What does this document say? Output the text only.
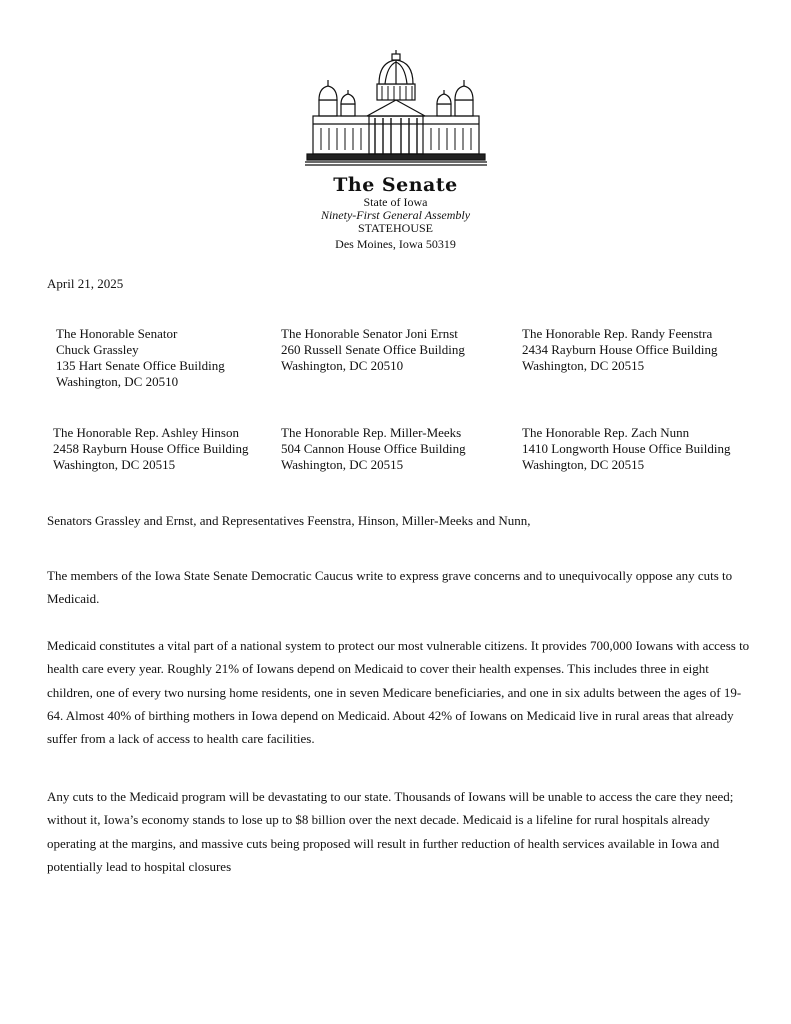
The Senate
State of Iowa
Ninety-First General Assembly
STATEHOUSE
Des Moines, Iowa 50319
April 21, 2025
The Honorable Senator
Chuck Grassley
135 Hart Senate Office Building
Washington, DC 20510
The Honorable Senator Joni Ernst
260 Russell Senate Office Building
Washington, DC 20510
The Honorable Rep. Randy Feenstra
2434 Rayburn House Office Building
Washington, DC 20515
The Honorable Rep. Ashley Hinson
2458 Rayburn House Office Building
Washington, DC 20515
The Honorable Rep. Miller-Meeks
504 Cannon House Office Building
Washington, DC 20515
The Honorable Rep. Zach Nunn
1410 Longworth House Office Building
Washington, DC 20515
Senators Grassley and Ernst, and Representatives Feenstra, Hinson, Miller-Meeks and Nunn,

The members of the Iowa State Senate Democratic Caucus write to express grave concerns and to unequivocally oppose any cuts to Medicaid.

Medicaid constitutes a vital part of a national system to protect our most vulnerable citizens. It provides 700,000 Iowans with access to health care every year. Roughly 21% of Iowans depend on Medicaid to cover their health expenses. This includes three in eight children, one of every two nursing home residents, one in seven Medicare beneficiaries, and one in six adults between the ages of 19-64. Almost 40% of birthing mothers in Iowa depend on Medicaid. About 42% of Iowans on Medicaid live in rural areas that already suffer from a lack of access to health care facilities.

Any cuts to the Medicaid program will be devastating to our state. Thousands of Iowans will be unable to access the care they need; without it, Iowa’s economy stands to lose up to $8 billion over the next decade. Medicaid is a lifeline for rural hospitals already operating at the margins, and massive cuts being proposed will result in further reduction of health services available in Iowa and potentially lead to hospital closures
